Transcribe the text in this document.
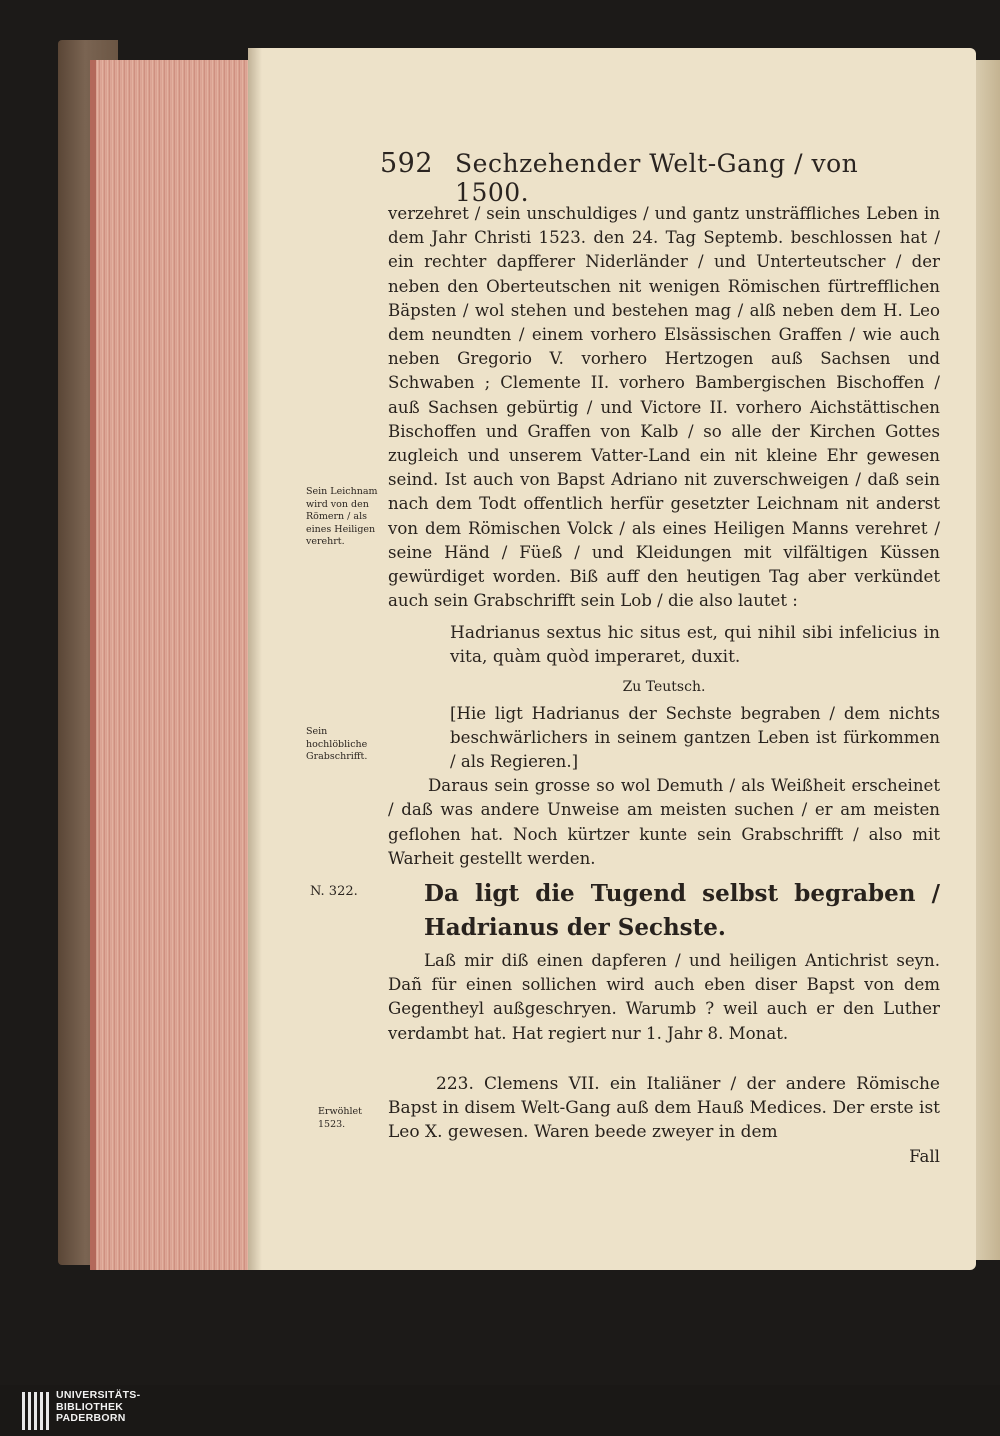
592 Sechzehender Welt-Gang / von 1500.

verzehret / sein unschuldiges / und gantz unsträffliches Leben in dem Jahr Christi 1523. den 24. Tag Septemb. beschlossen hat / ein rechter dapfferer Niderländer / und Unterteutscher / der neben den Oberteutschen nit wenigen Römischen fürtrefflichen Bäpsten / wol stehen und bestehen mag / alß neben dem H. Leo dem neundten / einem vorhero Elsässischen Graffen / wie auch neben Gregorio V. vorhero Hertzogen auß Sachsen und Schwaben ; Clemente II. vorhero Bambergischen Bischoffen / auß Sachsen gebürtig / und Victore II. vorhero Aichstättischen Bischoffen und Graffen von Kalb / so alle der Kirchen Gottes zugleich und unserem Vatter-Land ein nit kleine Ehr gewesen seind. Ist auch von Bapst Adriano nit zuverschweigen / daß sein nach dem Todt offentlich herfür gesetzter Leichnam nit anderst von dem Römischen Volck / als eines Heiligen Manns verehret / seine Händ / Füeß / und Kleidungen mit vilfältigen Küssen gewürdiget worden. Biß auff den heutigen Tag aber verkündet auch sein Grabschrifft sein Lob / die also lautet :

Hadrianus sextus hic situs est, qui nihil sibi infelicius in vita, quàm quòd imperaret, duxit.

Zu Teutsch.

[Hie ligt Hadrianus der Sechste begraben / dem nichts beschwärlichers in seinem gantzen Leben ist fürkommen / als Regieren.]

Daraus sein grosse so wol Demuth / als Weißheit erscheinet / daß was andere Unweise am meisten suchen / er am meisten geflohen hat. Noch kürtzer kunte sein Grabschrifft / also mit Warheit gestellt werden.

Da ligt die Tugend selbst begraben / Hadrianus der Sechste.

Laß mir diß einen dapferen / und heiligen Antichrist seyn. Dañ für einen sollichen wird auch eben diser Bapst von dem Gegentheyl außgeschryen. Warumb ? weil auch er den Luther verdambt hat. Hat regiert nur 1. Jahr 8. Monat.

223. Clemens VII. ein Italiäner / der andere Römische Bapst in disem Welt-Gang auß dem Hauß Medices. Der erste ist Leo X. gewesen. Waren beede zweyer in dem

Fall

Sein Leichnam wird von den Römern / als eines Heiligen verehrt.
Sein hochlöbliche Grabschrifft.
N. 322.
Erwöhlet 1523.
UNIVERSITÄTS-
BIBLIOTHEK
PADERBORN
